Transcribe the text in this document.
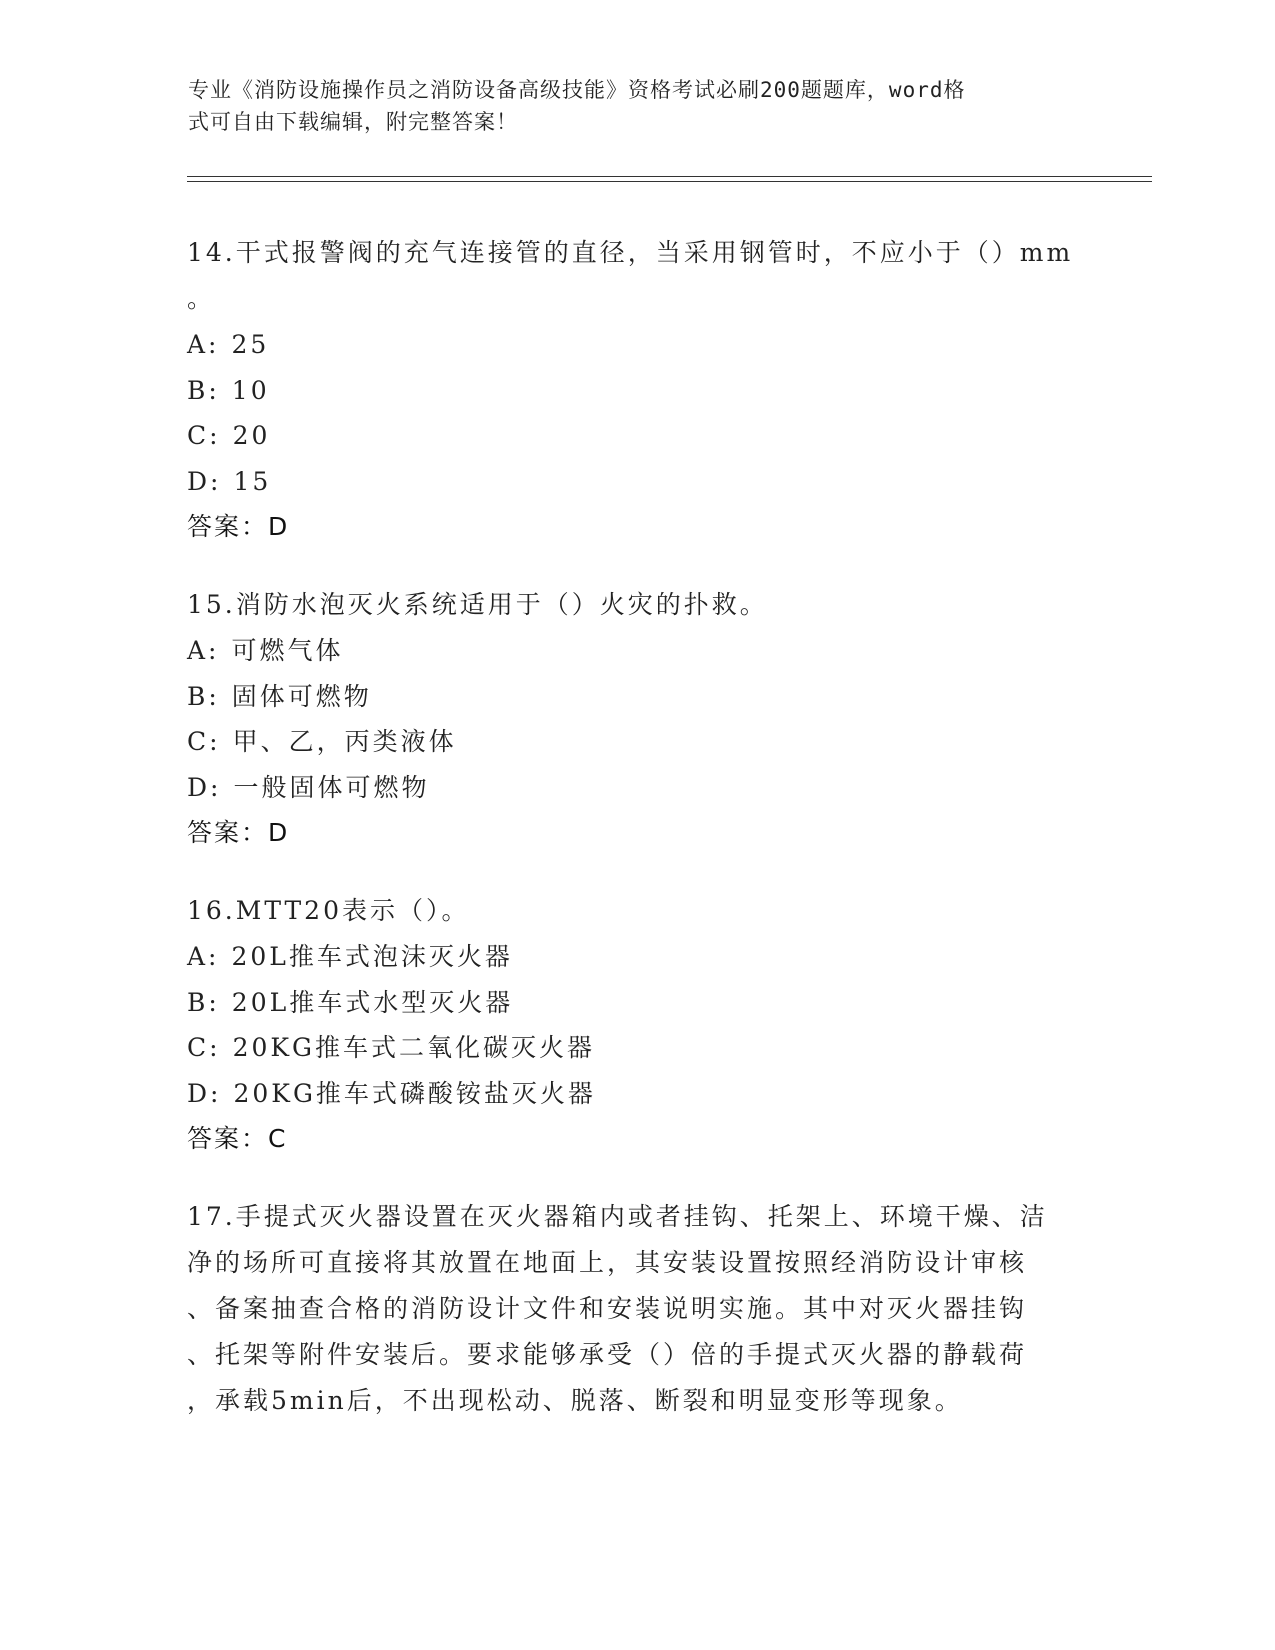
专业《消防设施操作员之消防设备高级技能》资格考试必刷200题题库，word格
式可自由下载编辑，附完整答案！

14.干式报警阀的充气连接管的直径，当采用钢管时，不应小于（）mm
。

A: 25

B: 10

C: 20

D: 15

答案：D

15.消防水泡灭火系统适用于（）火灾的扑救。

A: 可燃气体

B: 固体可燃物

C: 甲、乙，丙类液体

D: 一般固体可燃物

答案：D

16.MTT20表示（）。

A: 20L推车式泡沫灭火器

B: 20L推车式水型灭火器

C: 20KG推车式二氧化碳灭火器

D: 20KG推车式磷酸铵盐灭火器

答案：C

17.手提式灭火器设置在灭火器箱内或者挂钩、托架上、环境干燥、洁
净的场所可直接将其放置在地面上，其安装设置按照经消防设计审核
、备案抽查合格的消防设计文件和安装说明实施。其中对灭火器挂钩
、托架等附件安装后。要求能够承受（）倍的手提式灭火器的静载荷
，承载5min后，不出现松动、脱落、断裂和明显变形等现象。
